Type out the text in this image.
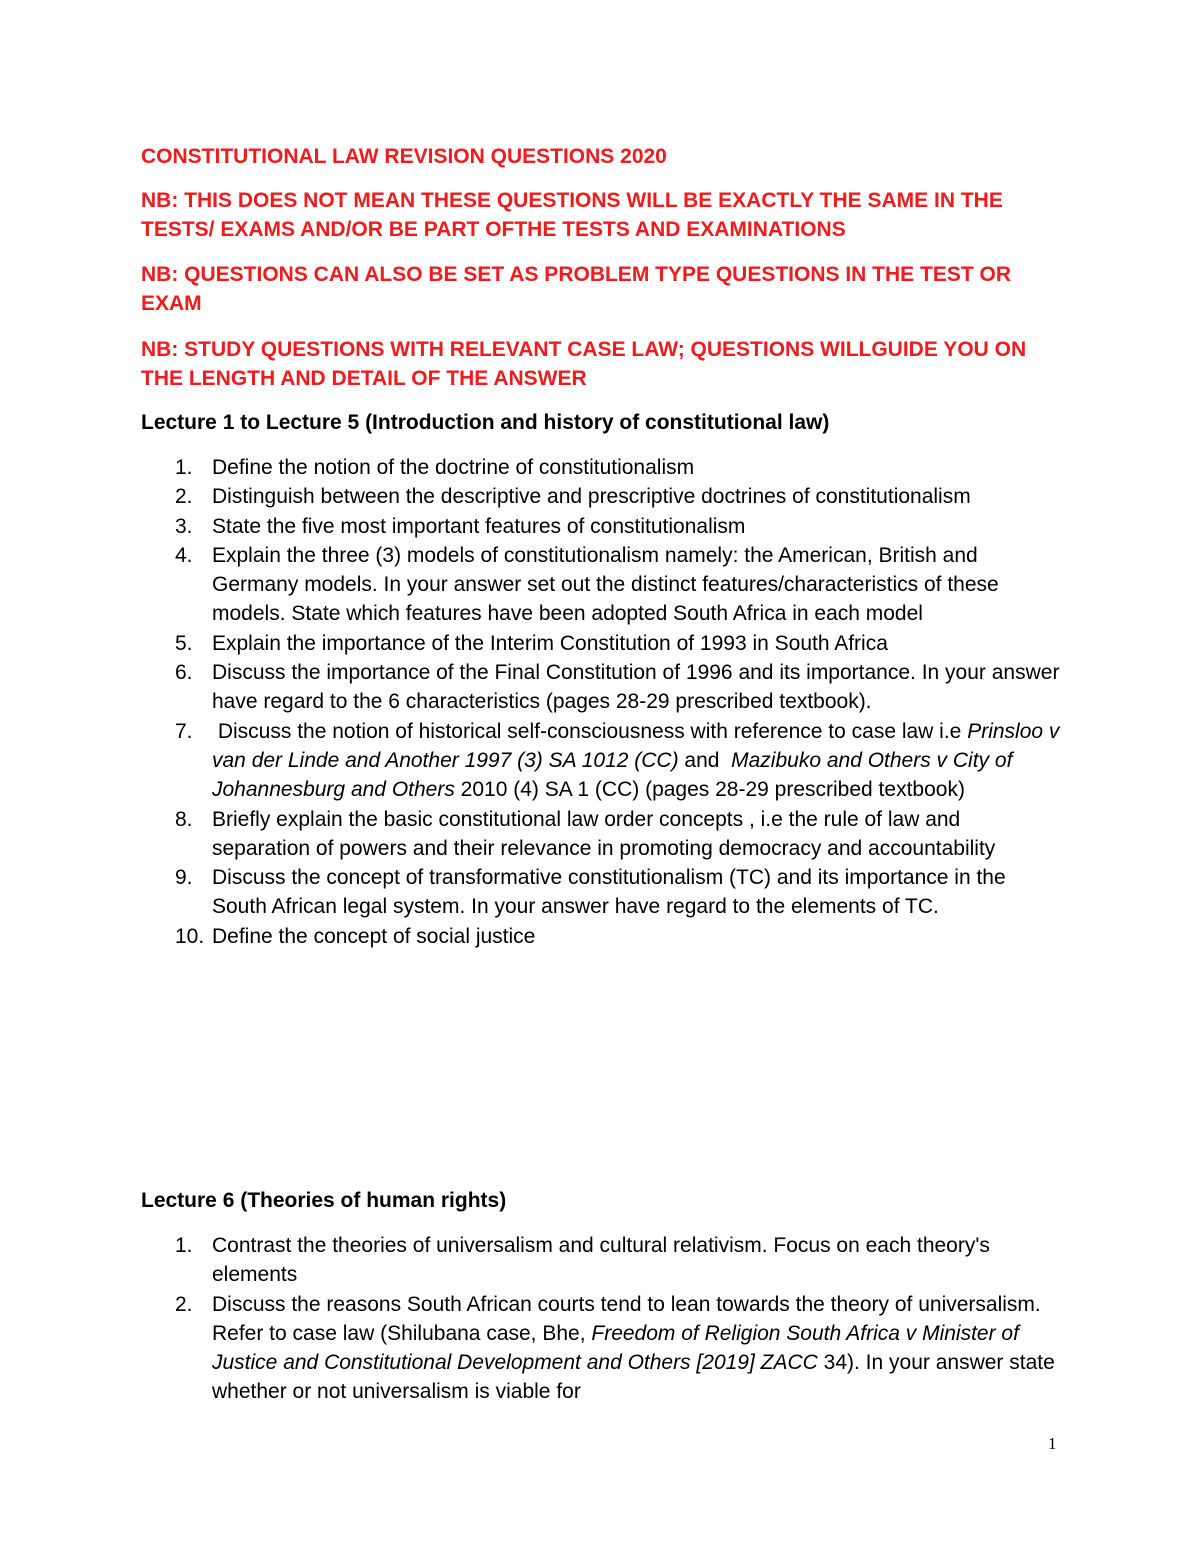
CONSTITUTIONAL LAW REVISION QUESTIONS 2020
NB: THIS DOES NOT MEAN THESE QUESTIONS WILL BE EXACTLY THE SAME IN THE TESTS/ EXAMS AND/OR BE PART OFTHE TESTS AND EXAMINATIONS
NB: QUESTIONS CAN ALSO BE SET AS PROBLEM TYPE QUESTIONS IN THE TEST OR EXAM
NB: STUDY QUESTIONS WITH RELEVANT CASE LAW; QUESTIONS WILLGUIDE YOU ON THE LENGTH AND DETAIL OF THE ANSWER
Lecture 1 to Lecture 5 (Introduction and history of constitutional law)
1. Define the notion of the doctrine of constitutionalism
2. Distinguish between the descriptive and prescriptive doctrines of constitutionalism
3. State the five most important features of constitutionalism
4. Explain the three (3) models of constitutionalism namely: the American, British and Germany models. In your answer set out the distinct features/characteristics of these models. State which features have been adopted South Africa in each model
5. Explain the importance of the Interim Constitution of 1993 in South Africa
6. Discuss the importance of the Final Constitution of 1996 and its importance. In your answer have regard to the 6 characteristics (pages 28-29 prescribed textbook).
7. Discuss the notion of historical self-consciousness with reference to case law i.e Prinsloo v van der Linde and Another 1997 (3) SA 1012 (CC) and  Mazibuko and Others v City of Johannesburg and Others 2010 (4) SA 1 (CC) (pages 28-29 prescribed textbook)
8. Briefly explain the basic constitutional law order concepts , i.e the rule of law and separation of powers and their relevance in promoting democracy and accountability
9. Discuss the concept of transformative constitutionalism (TC) and its importance in the South African legal system. In your answer have regard to the elements of TC.
10. Define the concept of social justice
Lecture 6 (Theories of human rights)
1. Contrast the theories of universalism and cultural relativism. Focus on each theory's elements
2. Discuss the reasons South African courts tend to lean towards the theory of universalism. Refer to case law (Shilubana case, Bhe, Freedom of Religion South Africa v Minister of Justice and Constitutional Development and Others [2019] ZACC 34). In your answer state whether or not universalism is viable for
1
